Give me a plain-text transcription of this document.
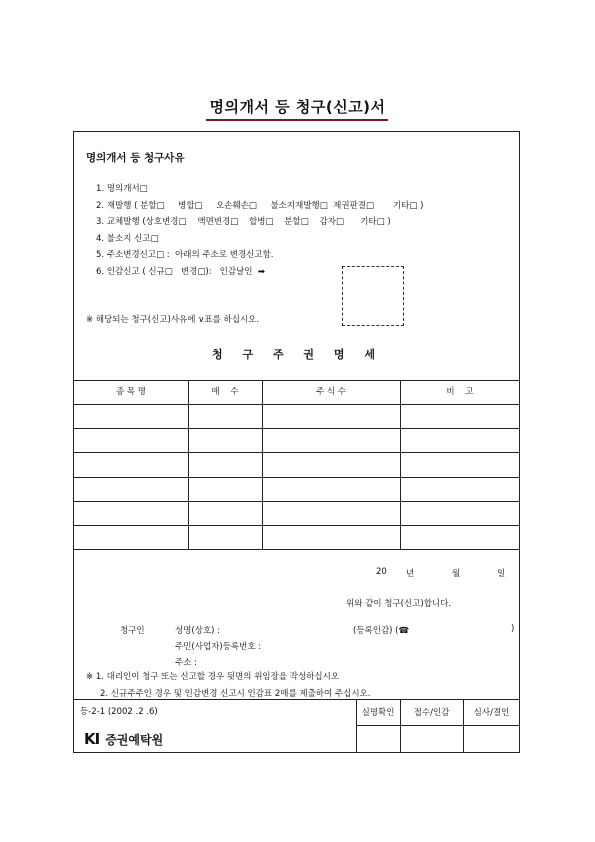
명의개서 등 청구(신고)서
명의개서 등 청구사유
1. 명의개서□
2. 재발행 ( 분할□     병합□     오손훼손□     불소지재발행□  제권판결□       기타□ )
3. 교체발행 (상호변경□    액면변경□    합병□    분할□    감자□      기타□ )
4. 불소지 신고□
5. 주소변경신고□ :  아래의 주소로 변경신고함.
6. 인감신고 ( 신규□   변경□):   인감날인  ➡
※ 해당되는 청구(신고)사유에 ∨표를 하십시오.
청 구 주 권 명 세
종 목 명	매    수	주 식 수	비    고
20 년	월	일
위와 같이 청구(신고)합니다.
청구인	성명(상호) :	(등록인감) (☎	)
주민(사업자)등록번호 :
주소 :
※ 1. 대리인이 청구 또는 신고할 경우 뒷면의 위임장을 작성하십시오
2. 신규주주인 경우 및 인감변경 신고시 인감표 2매를 제출하여 주십시오.
등-2-1 (2002 .2 .6)
KI 증권예탁원
실명확인	접수/인감	심사/결인
